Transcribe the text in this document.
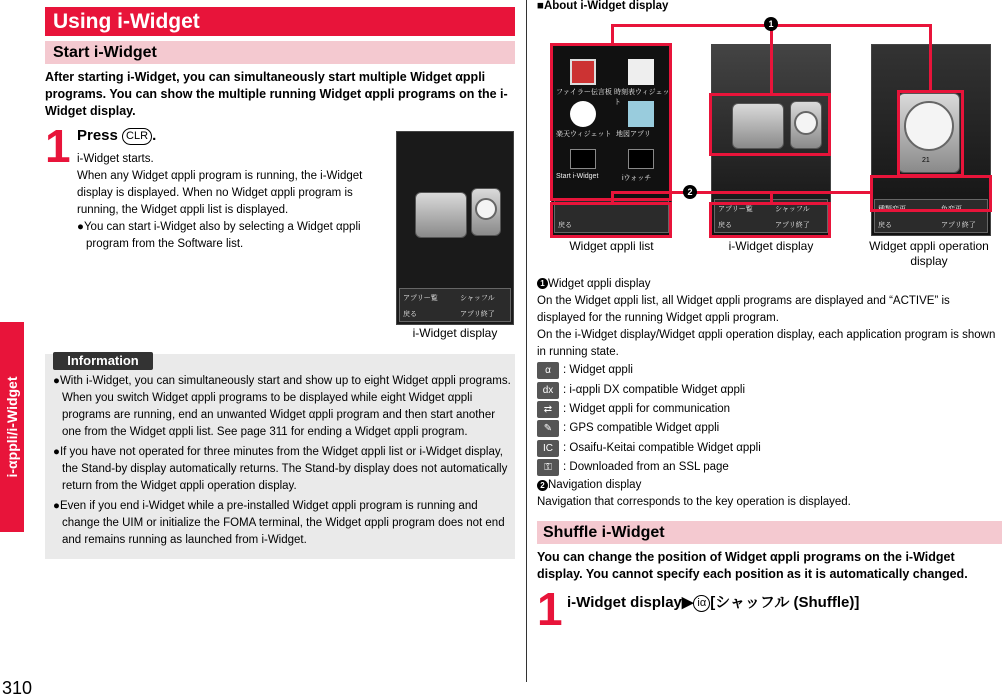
i-αppli/i-Widget
310
Using i-Widget
Start i-Widget
After starting i-Widget, you can simultaneously start multiple Widget αppli programs. You can show the multiple running Widget αppli programs on the i-Widget display.
1 Press CLR .
i-Widget starts.
When any Widget αppli program is running, the i-Widget display is displayed. When no Widget αppli program is running, the Widget αppli list is displayed.
●You can start i-Widget also by selecting a Widget αppli program from the Software list.
アプリー覧	シャッフル
戻る	アプリ終了
i-Widget display
Information

●With i-Widget, you can simultaneously start and show up to eight Widget αppli programs. When you switch Widget αppli programs to be displayed while eight Widget αppli programs are running, end an unwanted Widget αppli program and then start another one from the Widget αppli list. See page 311 for ending a Widget αppli program.

●If you have not operated for three minutes from the Widget αppli list or i-Widget display, the Stand-by display automatically returns. The Stand-by display does not automatically return from the Widget αppli operation display.

●Even if you end i-Widget while a pre-installed Widget αppli program is running and change the UIM or initialize the FOMA terminal, the Widget αppli program does not end and remains running as launched from i-Widget.

■About i-Widget display
ファイラー伝言板 時刻表ウィジェット
楽天ウィジェット 地図アプリ
Start i-Widget	iウォッチ
戻る
アプリー覧	シャッフル
戻る	アプリ終了
21
種類変更	色変更
戻る	アプリ終了
1
2
Widget αppli list	i-Widget display	Widget αppli operation
display
1 Widget αppli display
On the Widget αppli list, all Widget αppli programs are displayed and “ACTIVE” is displayed for the running Widget αppli program.
On the i-Widget display/Widget αppli operation display, each application program is shown in running state.
α	: Widget αppli
dx : i-αppli DX compatible Widget αppli
⇄ : Widget αppli for communication
✎ : GPS compatible Widget αppli
IC : Osaifu-Keitai compatible Widget αppli
⚿ : Downloaded from an SSL page
2 Navigation display
Navigation that corresponds to the key operation is displayed.
Shuffle i-Widget
You can change the position of Widget αppli programs on the i-Widget display. You cannot specify each position as it is automatically changed.
1 i-Widget display▶ iα [シャッフル (Shuffle)]
